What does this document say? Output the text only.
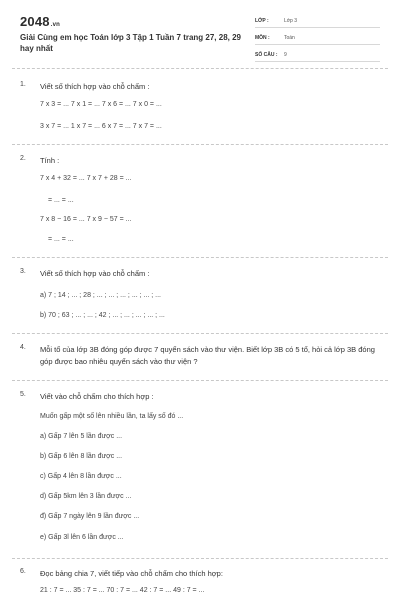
2048.vn
Giải Cùng em học Toán lớp 3 Tập 1 Tuần 7 trang 27, 28, 29 hay nhất
LỚP :	Lớp 3
MÔN :	Toán
SỐ CÂU :	9
1. Viết số thích hợp vào chỗ chấm :
7 x 3 = ... 7 x 1 = ... 7 x 6 = ... 7 x 0 = ...
3 x 7 = ... 1 x 7 = ... 6 x 7 = ... 7 x 7 = ...
2. Tính :
7 x 4 + 32 = ... 7 x 7 + 28 = ...
= ... = ...
7 x 8 − 16 = ... 7 x 9 − 57 = ...
= ... = ...
3. Viết số thích hợp vào chỗ chấm :
a) 7 ; 14 ; ... ; 28 ; ... ; ... ; ... ; ... ; ... ; ...
b) 70 ; 63 ; ... ; ... ; 42 ; ... ; ... ; ... ; ... ; ...
4. Mỗi tổ của lớp 3B đóng góp được 7 quyển sách vào thư viện. Biết lớp 3B có 5 tổ, hỏi cả lớp 3B đóng góp được bao nhiêu quyển sách vào thư viện ?
5. Viết vào chỗ chấm cho thích hợp :
Muốn gấp một số lên nhiều lần, ta lấy số đó ...
a) Gấp 7 lên 5 lần được ...
b) Gấp 6 lên 8 lần được ...
c) Gấp 4 lên 8 lần được ...
d) Gấp 5km lên 3 lần được ...
đ) Gấp 7 ngày lên 9 lần được ...
e) Gấp 3l lên 6 lần được ...
6. Đọc bảng chia 7, viết tiếp vào chỗ chấm cho thích hợp:
21 : 7 = ... 35 : 7 = ... 70 : 7 = ... 42 : 7 = ... 49 : 7 = ...
